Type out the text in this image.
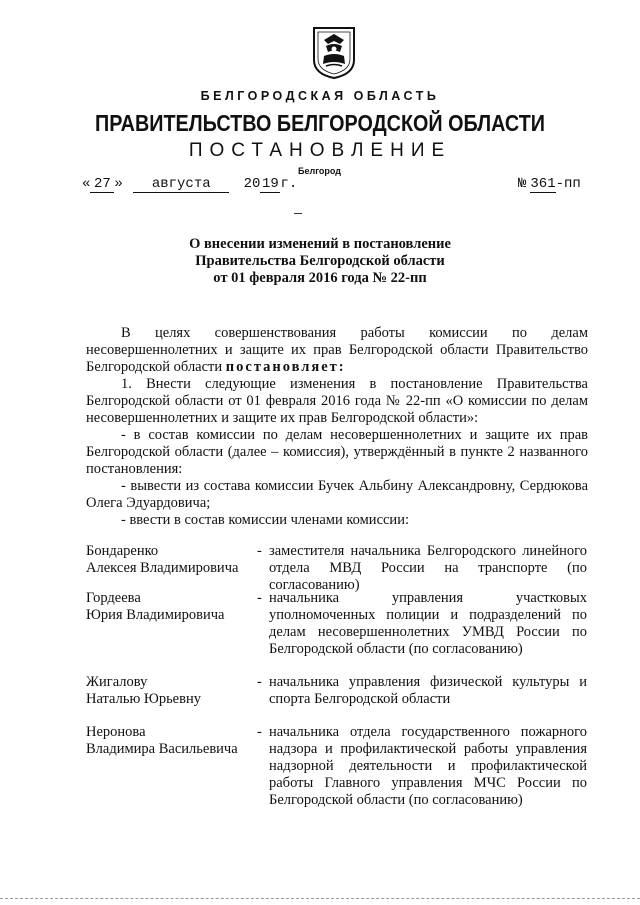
БЕЛГОРОДСКАЯ ОБЛАСТЬ
ПРАВИТЕЛЬСТВО БЕЛГОРОДСКОЙ ОБЛАСТИ
ПОСТАНОВЛЕНИЕ
Белгород
« 27 » августа 20 19 г.	№ 361-пп
О внесении изменений в постановление
Правительства Белгородской области
от 01 февраля 2016 года № 22-пп
В целях совершенствования работы комиссии по делам несовершеннолетних и защите их прав Белгородской области Правительство Белгородской области постановляет:
1. Внести следующие изменения в постановление Правительства Белгородской области от 01 февраля 2016 года № 22-пп «О комиссии по делам несовершеннолетних и защите их прав Белгородской области»:
- в состав комиссии по делам несовершеннолетних и защите их прав Белгородской области (далее – комиссия), утверждённый в пункте 2 названного постановления:
- вывести из состава комиссии Бучек Альбину Александровну, Сердюкова Олега Эдуардовича;
- ввести в состав комиссии членами комиссии:
Бондаренко
Алексея Владимировича
- заместителя начальника Белгородского линейного отдела МВД России на транспорте (по согласованию)
Гордеева
Юрия Владимировича
- начальника управления участковых уполномоченных полиции и подразделений по делам несовершеннолетних УМВД России по Белгородской области (по согласованию)
Жигалову
Наталью Юрьевну
- начальника управления физической культуры и спорта Белгородской области
Неронова
Владимира Васильевича
- начальника отдела государственного пожарного надзора и профилактической работы управления надзорной деятельности и профилактической работы Главного управления МЧС России по Белгородской области (по согласованию)
